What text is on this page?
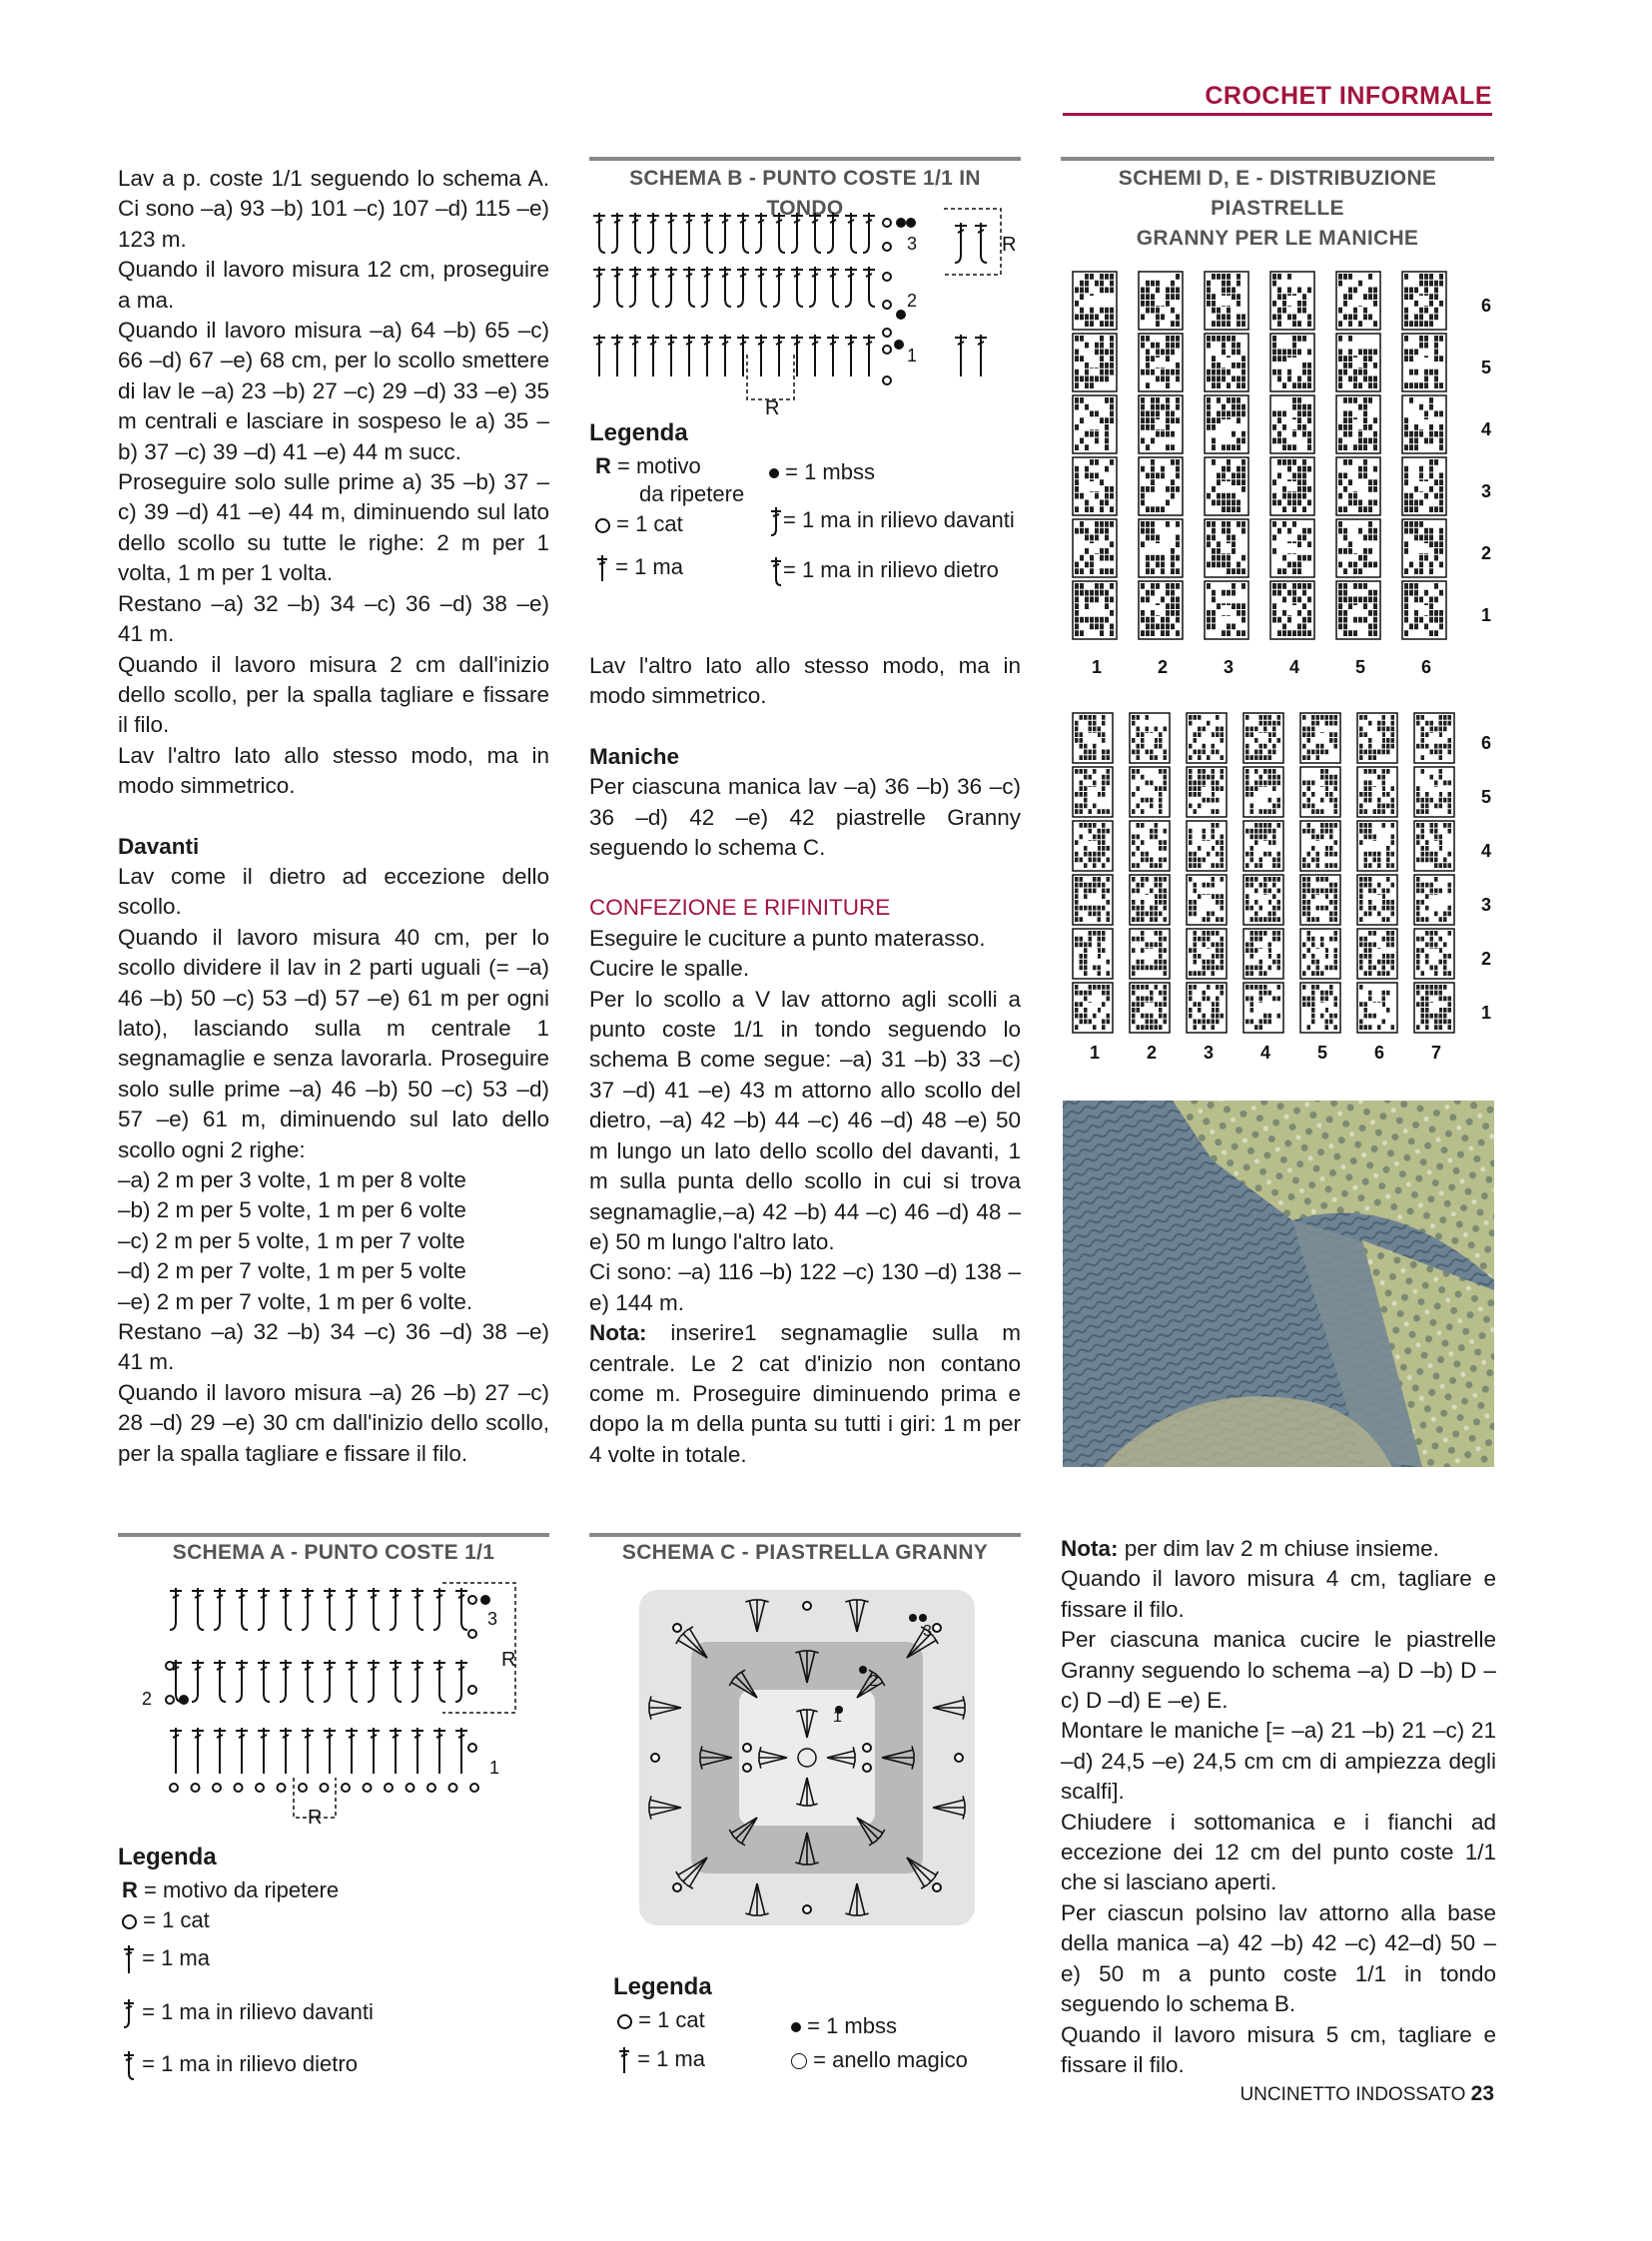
CROCHET INFORMALE

Lav a p. coste 1/1 seguendo lo schema A. Ci sono –a) 93 –b) 101 –c) 107 –d) 115 –e) 123 m.

Quando il lavoro misura 12 cm, proseguire a ma.

Quando il lavoro misura –a) 64 –b) 65 –c) 66 –d) 67 –e) 68 cm, per lo scollo smettere di lav le –a) 23 –b) 27 –c) 29 –d) 33 –e) 35 m centrali e lasciare in sospeso le a) 35 –b) 37 –c) 39 –d) 41 –e) 44 m succ.

Proseguire solo sulle prime a) 35 –b) 37 –c) 39 –d) 41 –e) 44 m, diminuendo sul lato dello scollo su tutte le righe: 2 m per 1 volta, 1 m per 1 volta.

Restano –a) 32 –b) 34 –c) 36 –d) 38 –e) 41 m.

Quando il lavoro misura 2 cm dall'inizio dello scollo, per la spalla tagliare e fissare il filo.

Lav l'altro lato allo stesso modo, ma in modo simmetrico.

Davanti

Lav come il dietro ad eccezione dello scollo.

Quando il lavoro misura 40 cm, per lo scollo dividere il lav in 2 parti uguali (= –a) 46 –b) 50 –c) 53 –d) 57 –e) 61 m per ogni lato), lasciando sulla m centrale 1 segnamaglie e senza lavorarla. Proseguire solo sulle prime –a) 46 –b) 50 –c) 53 –d) 57 –e) 61 m, diminuendo sul lato dello scollo ogni 2 righe:

–a) 2 m per 3 volte, 1 m per 8 volte

–b) 2 m per 5 volte, 1 m per 6 volte

–c) 2 m per 5 volte, 1 m per 7 volte

–d) 2 m per 7 volte, 1 m per 5 volte

–e) 2 m per 7 volte, 1 m per 6 volte.

Restano –a) 32 –b) 34 –c) 36 –d) 38 –e) 41 m.

Quando il lavoro misura –a) 26 –b) 27 –c) 28 –d) 29 –e) 30 cm dall'inizio dello scollo, per la spalla tagliare e fissare il filo.

SCHEMA B - PUNTO COSTE 1/1 IN TONDO
3
2
1
R
R
Legenda
R = motivo
da ripetere
= 1 cat
= 1 ma
= 1 mbss
= 1 ma in rilievo davanti
= 1 ma in rilievo dietro

Lav l'altro lato allo stesso modo, ma in modo simmetrico.

Maniche

Per ciascuna manica lav –a) 36 –b) 36 –c) 36 –d) 42 –e) 42 piastrelle Granny seguendo lo schema C.

CONFEZIONE E RIFINITURE

Eseguire le cuciture a punto materasso.

Cucire le spalle.

Per lo scollo a V lav attorno agli scolli a punto coste 1/1 in tondo seguendo lo schema B come segue: –a) 31 –b) 33 –c) 37 –d) 41 –e) 43 m attorno allo scollo del dietro, –a) 42 –b) 44 –c) 46 –d) 48 –e) 50 m lungo un lato dello scollo del davanti, 1 m sulla punta dello scollo in cui si trova segnamaglie,–a) 42 –b) 44 –c) 46 –d) 48 –e) 50 m lungo l'altro lato.

Ci sono: –a) 116 –b) 122 –c) 130 –d) 138 –e) 144 m.

Nota: inserire1 segnamaglie sulla m centrale. Le 2 cat d'inizio non contano come m. Proseguire diminuendo prima e dopo la m della punta su tutti i giri: 1 m per 4 volte in totale.

SCHEMI D, E - DISTRIBUZIONE PIASTRELLE
GRANNY PER LE MANICHE
1	2	3	4	5	6
6
5
4
3
2
1
1	2	3	4	5	6	7
6
5
4
3
2
1
SCHEMA A - PUNTO COSTE 1/1
3
2
1
R
R
Legenda
R = motivo da ripetere
= 1 cat
= 1 ma
= 1 ma in rilievo davanti
= 1 ma in rilievo dietro
SCHEMA C - PIASTRELLA GRANNY
3
2
1
Legenda
= 1 cat
= 1 ma
= 1 mbss
= anello magico

Nota: per dim lav 2 m chiuse insieme.

Quando il lavoro misura 4 cm, tagliare e fissare il filo.

Per ciascuna manica cucire le piastrelle Granny seguendo lo schema –a) D –b) D –c) D –d) E –e) E.

Montare le maniche [= –a) 21 –b) 21 –c) 21 –d) 24,5 –e) 24,5 cm cm di ampiezza degli scalfi].

Chiudere i sottomanica e i fianchi ad eccezione dei 12 cm del punto coste 1/1 che si lasciano aperti.

Per ciascun polsino lav attorno alla base della manica –a) 42 –b) 42 –c) 42–d) 50 –e) 50 m a punto coste 1/1 in tondo seguendo lo schema B.

Quando il lavoro misura 5 cm, tagliare e fissare il filo.

UNCINETTO INDOSSATO 23
